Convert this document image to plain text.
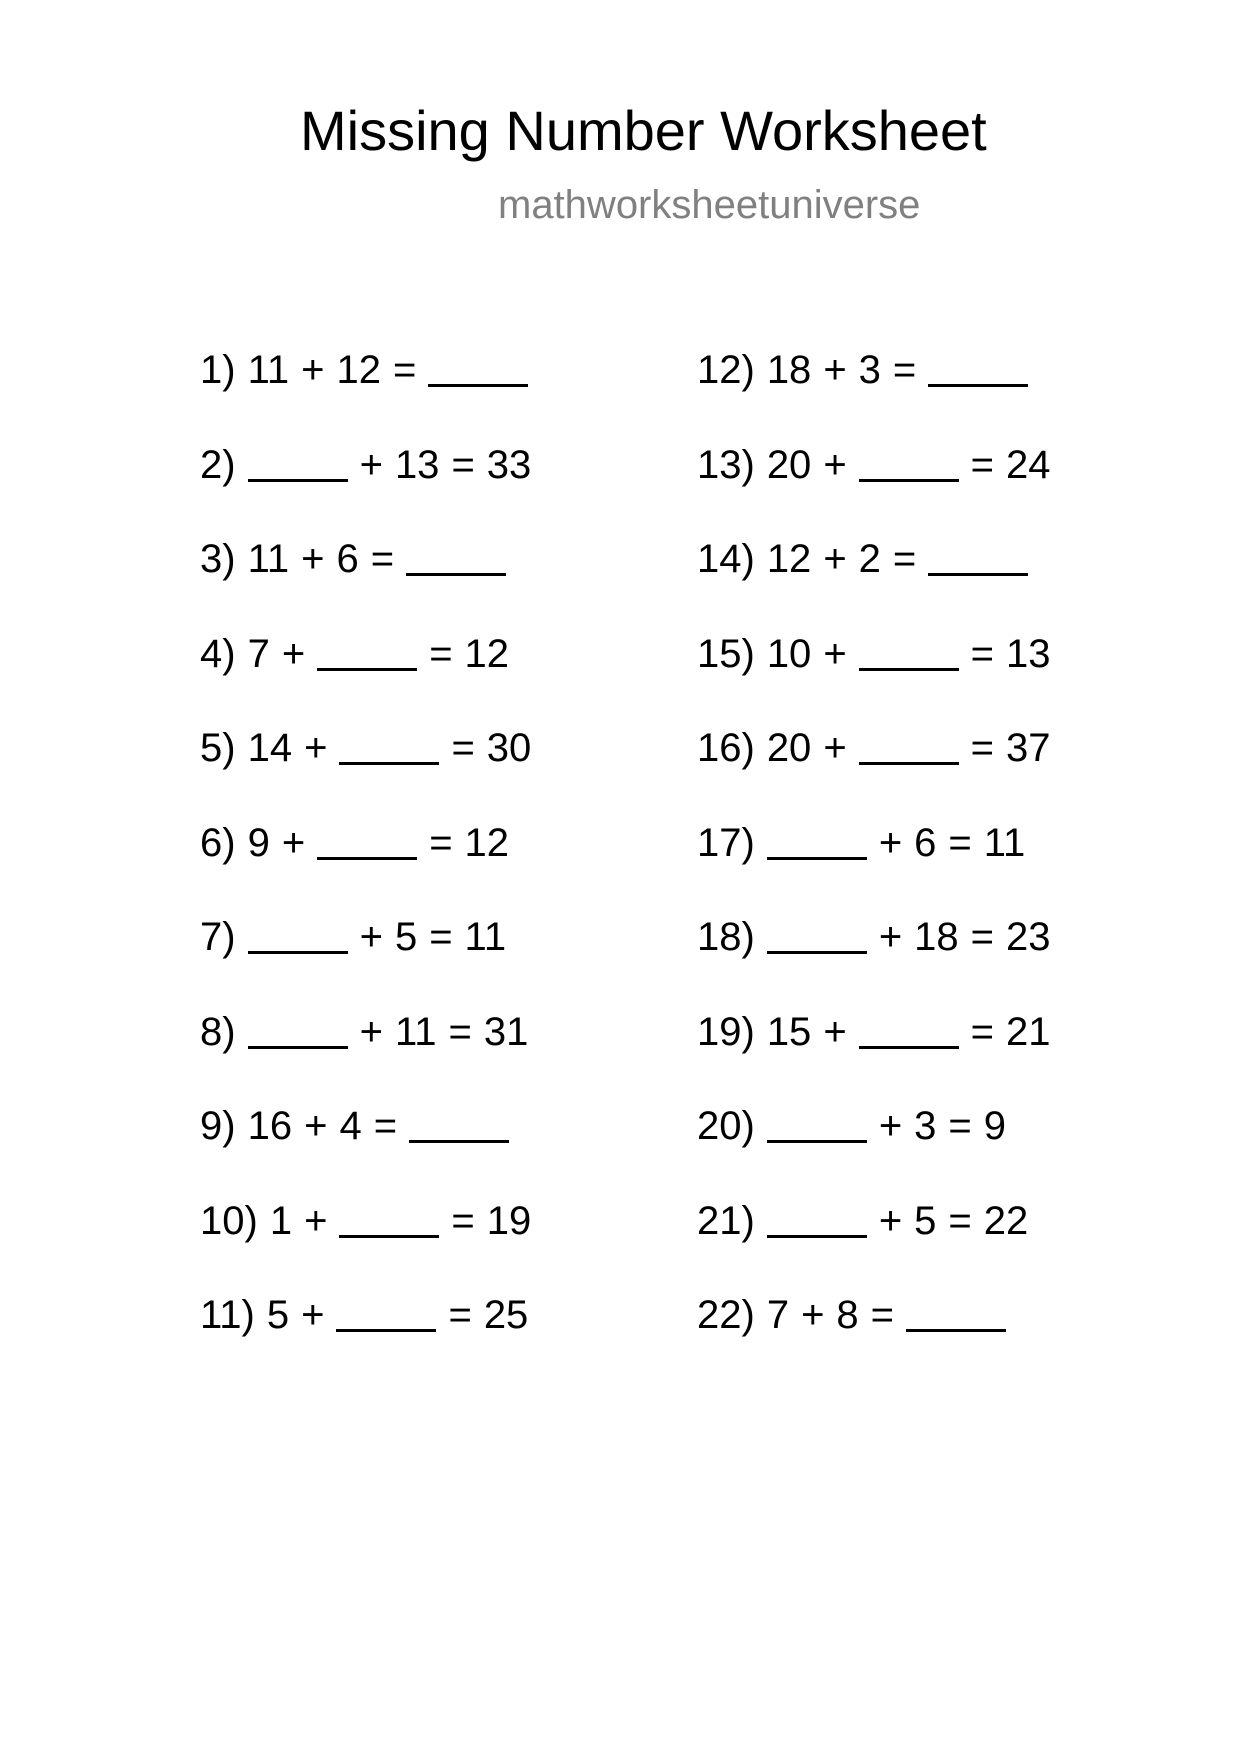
Missing Number Worksheet
mathworksheetuniverse
1) 11 + 12 =
2)	+ 13 = 33
3) 11 + 6 =
4) 7 +	= 12
5) 14 +	= 30
6) 9 +	= 12
7)	+ 5 = 11
8)	+ 11 = 31
9) 16 + 4 =
10) 1 +	= 19
11) 5 +	= 25
12) 18 + 3 =
13) 20 +	= 24
14) 12 + 2 =
15) 10 +	= 13
16) 20 +	= 37
17)	+ 6 = 11
18)	+ 18 = 23
19) 15 +	= 21
20)	+ 3 = 9
21)	+ 5 = 22
22) 7 + 8 =
